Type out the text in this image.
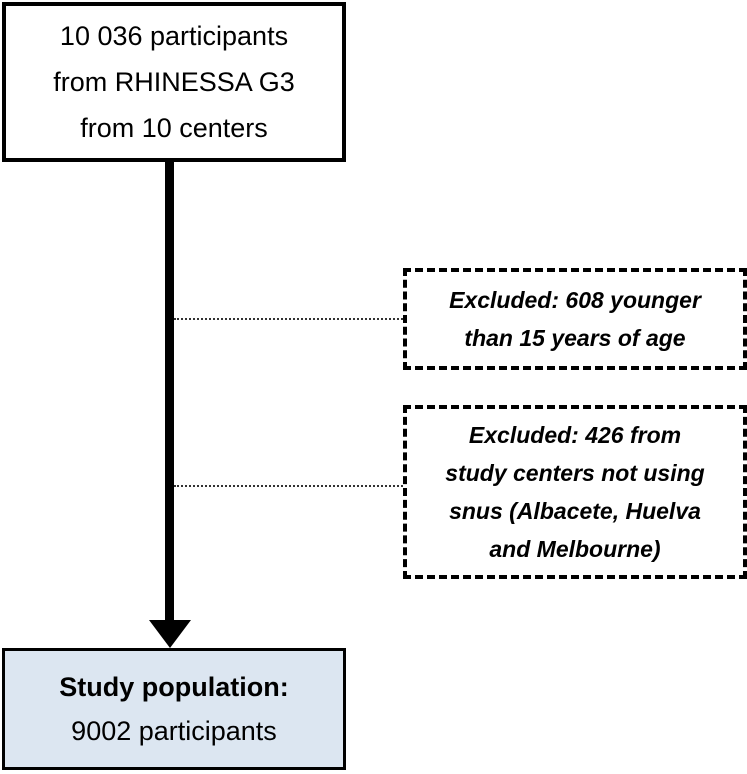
10 036 participants
from RHINESSA G3
from 10 centers
Excluded: 608 younger
than 15 years of age
Excluded: 426 from
study centers not using
snus (Albacete, Huelva
and Melbourne)
Study population:
9002 participants
